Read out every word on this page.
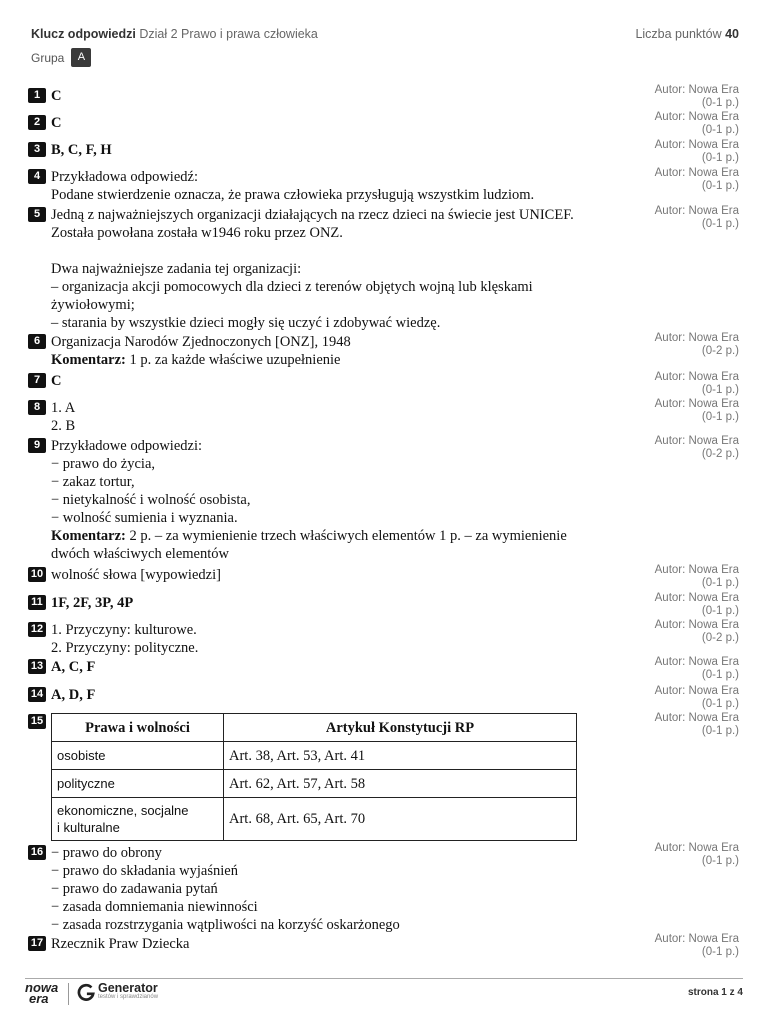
Klucz odpowiedzi Dział 2 Prawo i prawa człowieka	Liczba punktów 40
Grupa	A
1 C	Autor: Nowa Era
(0-1 p.)
2 C	Autor: Nowa Era
(0-1 p.)
3 B, C, F, H	Autor: Nowa Era
(0-1 p.)
4 Przykładowa odpowiedź:
Podane stwierdzenie oznacza, że prawa człowieka przysługują wszystkim ludziom.
Autor: Nowa Era
(0-1 p.)
5 Jedną z najważniejszych organizacji działających na rzecz dzieci na świecie jest UNICEF.
Została powołana została w1946 roku przez ONZ.
Dwa najważniejsze zadania tej organizacji:
– organizacja akcji pomocowych dla dzieci z terenów objętych wojną lub klęskami
żywiołowymi;
– starania by wszystkie dzieci mogły się uczyć i zdobywać wiedzę.
Autor: Nowa Era
(0-1 p.)
6 Organizacja Narodów Zjednoczonych [ONZ], 1948
Komentarz: 1 p. za każde właściwe uzupełnienie
Autor: Nowa Era
(0-2 p.)
7 C	Autor: Nowa Era
(0-1 p.)
8 1. A
2. B
Autor: Nowa Era
(0-1 p.)
9 Przykładowe odpowiedzi:
− prawo do życia,
− zakaz tortur,
− nietykalność i wolność osobista,
− wolność sumienia i wyznania.
Komentarz: 2 p. – za wymienienie trzech właściwych elementów 1 p. – za wymienienie
dwóch właściwych elementów
Autor: Nowa Era
(0-2 p.)
10 wolność słowa [wypowiedzi]	Autor: Nowa Era
(0-1 p.)
11 1F, 2F, 3P, 4P	Autor: Nowa Era
(0-1 p.)
12 1. Przyczyny: kulturowe.
2. Przyczyny: polityczne.
Autor: Nowa Era
(0-2 p.)
13 A, C, F	Autor: Nowa Era
(0-1 p.)
14 A, D, F	Autor: Nowa Era
(0-1 p.)
15	Prawa i wolności	Artykuł Konstytucji RP
osobiste	Art. 38, Art. 53, Art. 41
polityczne	Art. 62, Art. 57, Art. 58
ekonomiczne, socjalne
i kulturalne	Art. 68, Art. 65, Art. 70
Autor: Nowa Era
(0-1 p.)
16 − prawo do obrony
− prawo do składania wyjaśnień
− prawo do zadawania pytań
− zasada domniemania niewinności
− zasada rozstrzygania wątpliwości na korzyść oskarżonego
Autor: Nowa Era
(0-1 p.)
17 Rzecznik Praw Dziecka	Autor: Nowa Era
(0-1 p.)
nowa
era
Generator
testów i sprawdzianów	strona 1 z 4
